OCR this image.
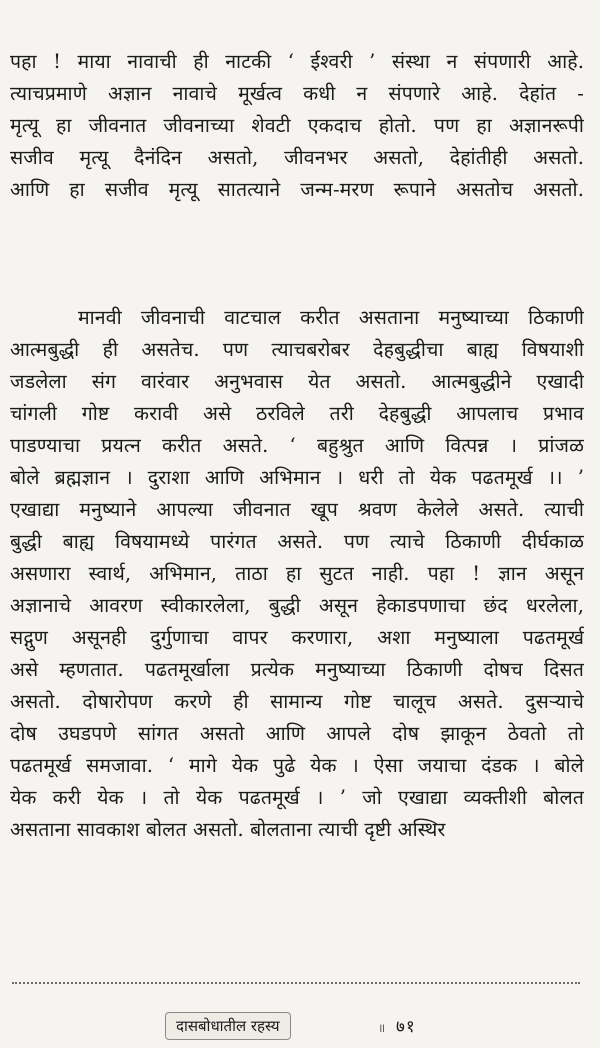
पहा ! माया नावाची ही नाटकी ‘ ईश्वरी ’ संस्था न संपणारी आहे.
त्याचप्रमाणे अज्ञान नावाचे मूर्खत्व कधी न संपणारे आहे. देहांत -
मृत्यू हा जीवनात जीवनाच्या शेवटी एकदाच होतो. पण हा अज्ञानरूपी
सजीव मृत्यू दैनंदिन असतो, जीवनभर असतो, देहांतीही असतो.
आणि हा सजीव मृत्यू सातत्याने जन्म-मरण रूपाने असतोच असतो.
मानवी जीवनाची वाटचाल करीत असताना मनुष्याच्या ठिकाणी
आत्मबुद्धी ही असतेच. पण त्याचबरोबर देहबुद्धीचा बाह्य विषयाशी
जडलेला संग वारंवार अनुभवास येत असतो. आत्मबुद्धीने एखादी
चांगली गोष्ट करावी असे ठरविले तरी देहबुद्धी आपलाच प्रभाव
पाडण्याचा प्रयत्न करीत असते. ‘ बहुश्रुत आणि वित्पन्न । प्रांजळ
बोले ब्रह्मज्ञान । दुराशा आणि अभिमान । धरी तो येक पढतमूर्ख ।। ’
एखाद्या मनुष्याने आपल्या जीवनात खूप श्रवण केलेले असते. त्याची
बुद्धी बाह्य विषयामध्ये पारंगत असते. पण त्याचे ठिकाणी दीर्घकाळ
असणारा स्वार्थ, अभिमान, ताठा हा सुटत नाही. पहा ! ज्ञान असून
अज्ञानाचे आवरण स्वीकारलेला, बुद्धी असून हेकाडपणाचा छंद धरलेला,
सद्गुण असूनही दुर्गुणाचा वापर करणारा, अशा मनुष्याला पढतमूर्ख
असे म्हणतात. पढतमूर्खाला प्रत्येक मनुष्याच्या ठिकाणी दोषच दिसत
असतो. दोषारोपण करणे ही सामान्य गोष्ट चालूच असते. दुसऱ्याचे
दोष उघडपणे सांगत असतो आणि आपले दोष झाकून ठेवतो तो
पढतमूर्ख समजावा. ‘ मागे येक पुढे येक । ऐसा जयाचा दंडक । बोले
येक करी येक । तो येक पढतमूर्ख । ’ जो एखाद्या व्यक्तीशी बोलत
असताना सावकाश बोलत असतो. बोलताना त्याची दृष्टी अस्थिर
दासबोधातील रहस्य	॥ ७१
